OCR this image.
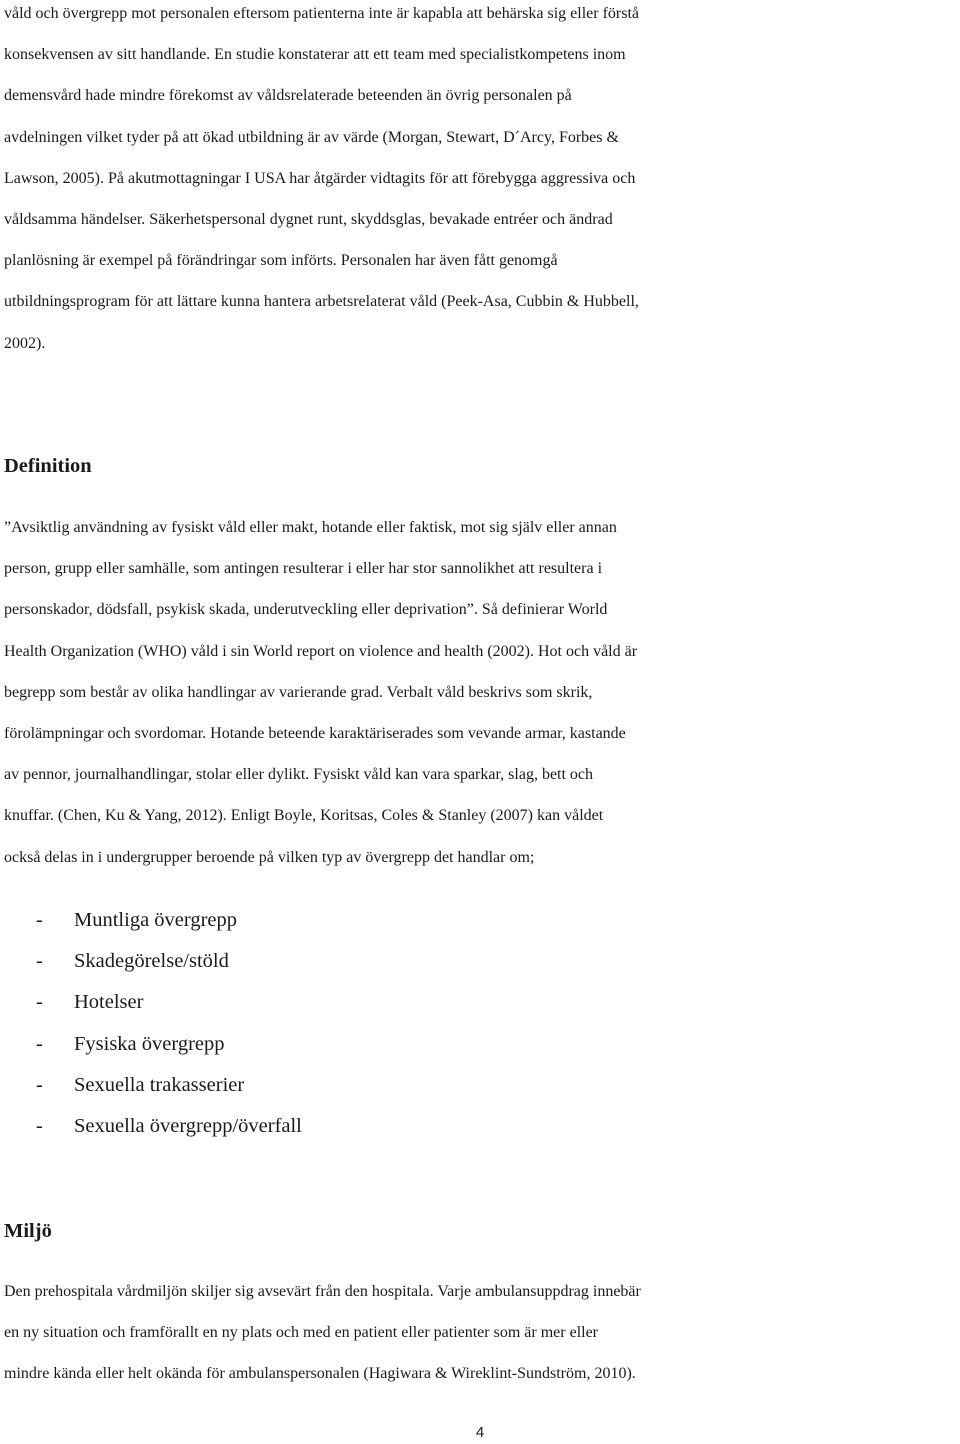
våld och övergrepp mot personalen eftersom patienterna inte är kapabla att behärska sig eller förstå
konsekvensen av sitt handlande. En studie konstaterar att ett team med specialistkompetens inom
demensvård hade mindre förekomst av våldsrelaterade beteenden än övrig personalen på
avdelningen vilket tyder på att ökad utbildning är av värde (Morgan, Stewart, D´Arcy, Forbes &
Lawson, 2005). På akutmottagningar I USA har åtgärder vidtagits för att förebygga aggressiva och
våldsamma händelser. Säkerhetspersonal dygnet runt, skyddsglas, bevakade entréer och ändrad
planlösning är exempel på förändringar som införts. Personalen har även fått genomgå
utbildningsprogram för att lättare kunna hantera arbetsrelaterat våld (Peek-Asa, Cubbin & Hubbell,
2002).

Definition

”Avsiktlig användning av fysiskt våld eller makt, hotande eller faktisk, mot sig själv eller annan
person, grupp eller samhälle, som antingen resulterar i eller har stor sannolikhet att resultera i
personskador, dödsfall, psykisk skada, underutveckling eller deprivation”. Så definierar World
Health Organization (WHO) våld i sin World report on violence and health (2002). Hot och våld är
begrepp som består av olika handlingar av varierande grad. Verbalt våld beskrivs som skrik,
förolämpningar och svordomar. Hotande beteende karaktäriserades som vevande armar, kastande
av pennor, journalhandlingar, stolar eller dylikt. Fysiskt våld kan vara sparkar, slag, bett och
knuffar. (Chen, Ku & Yang, 2012). Enligt Boyle, Koritsas, Coles & Stanley (2007) kan våldet
också delas in i undergrupper beroende på vilken typ av övergrepp det handlar om;

-	Muntliga övergrepp
-	Skadegörelse/stöld
-	Hotelser
-	Fysiska övergrepp
-	Sexuella trakasserier
-	Sexuella övergrepp/överfall
Miljö

Den prehospitala vårdmiljön skiljer sig avsevärt från den hospitala. Varje ambulansuppdrag innebär
en ny situation och framförallt en ny plats och med en patient eller patienter som är mer eller
mindre kända eller helt okända för ambulanspersonalen (Hagiwara & Wireklint-Sundström, 2010).

4
